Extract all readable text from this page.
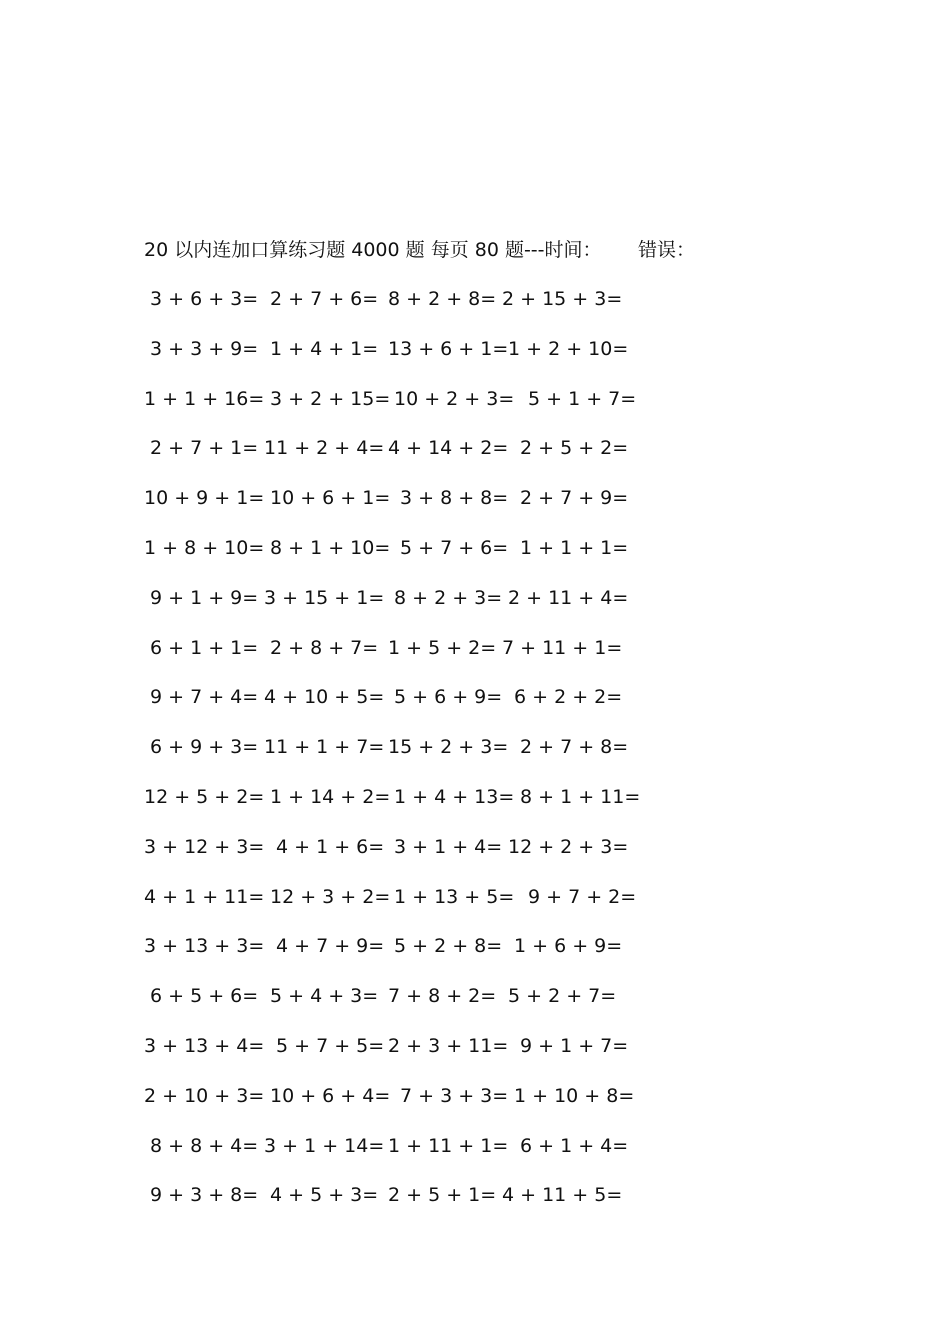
20 以内连加口算练习题 4000 题 每页 80 题---时间： 错误：
3 + 6 + 3= 2 + 7 + 6= 8 + 2 + 8= 2 + 15 + 3=
3 + 3 + 9= 1 + 4 + 1= 13 + 6 + 1= 1 + 2 + 10=
1 + 1 + 16= 3 + 2 + 15= 10 + 2 + 3= 5 + 1 + 7=
2 + 7 + 1= 11 + 2 + 4= 4 + 14 + 2= 2 + 5 + 2=
10 + 9 + 1= 10 + 6 + 1= 3 + 8 + 8= 2 + 7 + 9=
1 + 8 + 10= 8 + 1 + 10= 5 + 7 + 6= 1 + 1 + 1=
9 + 1 + 9= 3 + 15 + 1= 8 + 2 + 3= 2 + 11 + 4=
6 + 1 + 1= 2 + 8 + 7= 1 + 5 + 2= 7 + 11 + 1=
9 + 7 + 4= 4 + 10 + 5= 5 + 6 + 9= 6 + 2 + 2=
6 + 9 + 3= 11 + 1 + 7= 15 + 2 + 3= 2 + 7 + 8=
12 + 5 + 2= 1 + 14 + 2= 1 + 4 + 13= 8 + 1 + 11=
3 + 12 + 3= 4 + 1 + 6= 3 + 1 + 4= 12 + 2 + 3=
4 + 1 + 11= 12 + 3 + 2= 1 + 13 + 5= 9 + 7 + 2=
3 + 13 + 3= 4 + 7 + 9= 5 + 2 + 8= 1 + 6 + 9=
6 + 5 + 6= 5 + 4 + 3= 7 + 8 + 2= 5 + 2 + 7=
3 + 13 + 4= 5 + 7 + 5= 2 + 3 + 11= 9 + 1 + 7=
2 + 10 + 3= 10 + 6 + 4= 7 + 3 + 3= 1 + 10 + 8=
8 + 8 + 4= 3 + 1 + 14= 1 + 11 + 1= 6 + 1 + 4=
9 + 3 + 8= 4 + 5 + 3= 2 + 5 + 1= 4 + 11 + 5=
